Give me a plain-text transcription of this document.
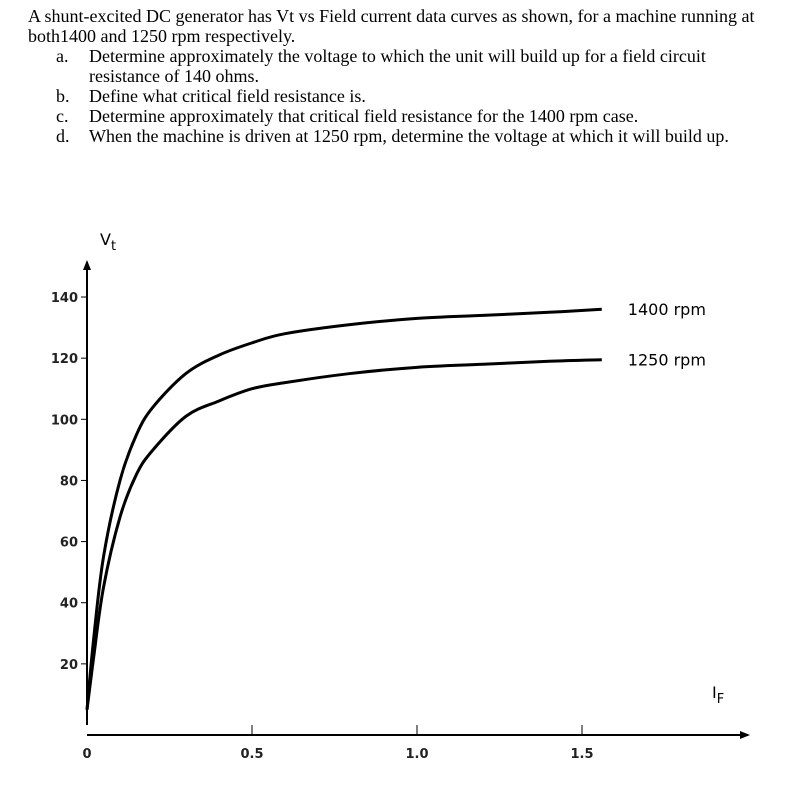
A shunt-excited DC generator has Vt vs Field current data curves as shown, for a machine running at both1400 and 1250 rpm respectively.

a. Determine approximately the voltage to which the unit will build up for a field circuit resistance of 140 ohms.
b. Define what critical field resistance is.
c. Determine approximately that critical field resistance for the 1400 rpm case.
d. When the machine is driven at 1250 rpm, determine the voltage at which it will build up.
20
40
60
80
100
120
140
0	0.5	1.0	1.5
1400 rpm
1250 rpm
$V_t$
$I_F$
